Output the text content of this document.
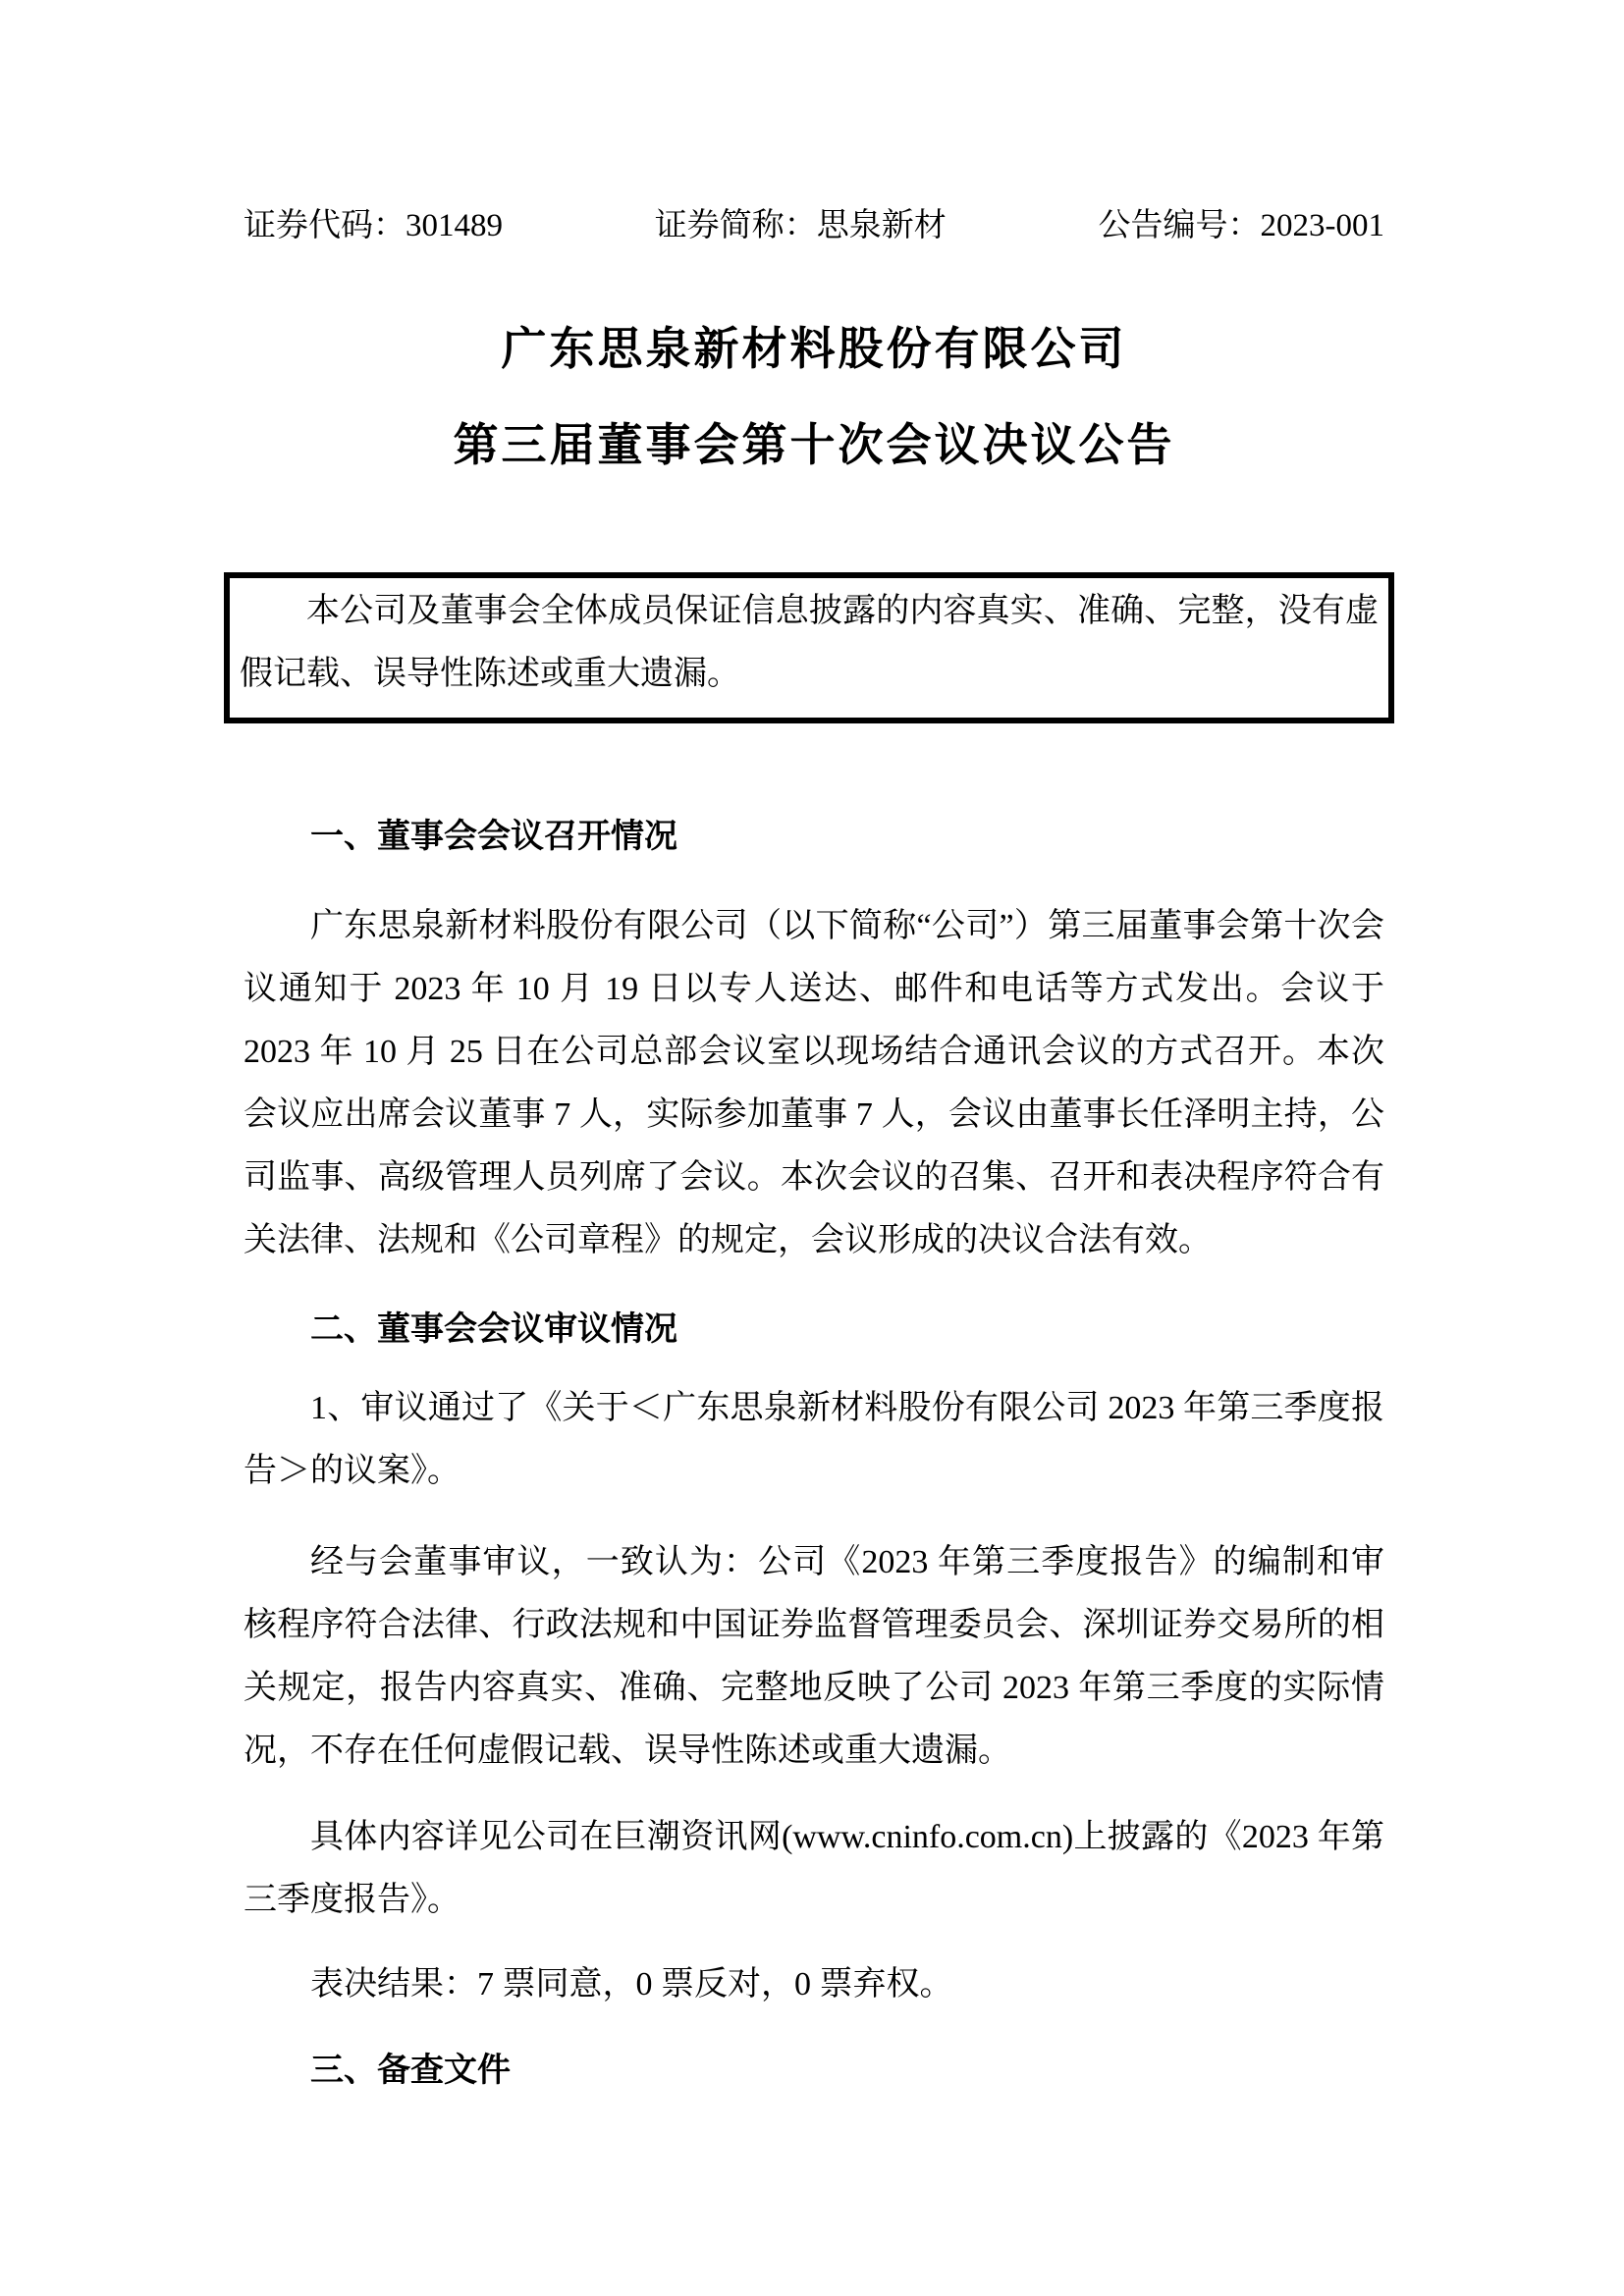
证券代码：301489	证券简称：思泉新材	公告编号：2023-001
广东思泉新材料股份有限公司
第三届董事会第十次会议决议公告
本公司及董事会全体成员保证信息披露的内容真实、准确、完整，没有虚假记载、误导性陈述或重大遗漏。
一、董事会会议召开情况
广东思泉新材料股份有限公司（以下简称“公司”）第三届董事会第十次会议通知于 2023 年 10 月 19 日以专人送达、邮件和电话等方式发出。会议于 2023 年 10 月 25 日在公司总部会议室以现场结合通讯会议的方式召开。本次会议应出席会议董事 7 人，实际参加董事 7 人，会议由董事长任泽明主持，公司监事、高级管理人员列席了会议。本次会议的召集、召开和表决程序符合有关法律、法规和《公司章程》的规定，会议形成的决议合法有效。
二、董事会会议审议情况
1、审议通过了《关于＜广东思泉新材料股份有限公司 2023 年第三季度报告＞的议案》。
经与会董事审议，一致认为：公司《2023 年第三季度报告》的编制和审核程序符合法律、行政法规和中国证券监督管理委员会、深圳证券交易所的相关规定，报告内容真实、准确、完整地反映了公司 2023 年第三季度的实际情况，不存在任何虚假记载、误导性陈述或重大遗漏。
具体内容详见公司在巨潮资讯网(www.cninfo.com.cn)上披露的《2023 年第三季度报告》。
表决结果：7 票同意，0 票反对，0 票弃权。
三、备查文件
